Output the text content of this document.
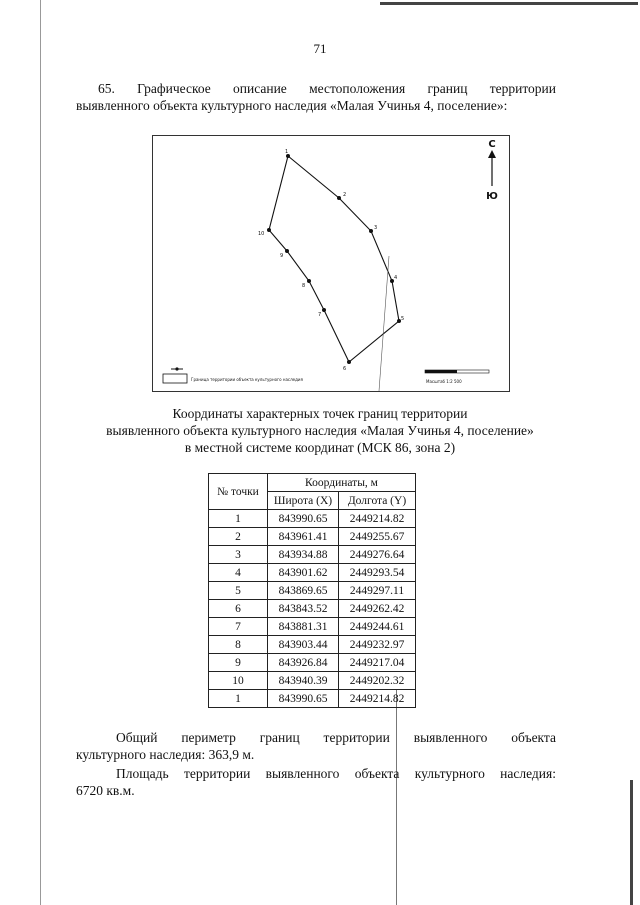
71
65. Графическое описание местоположения границ территории
выявленного объекта культурного наследия «Малая Учинья 4, поселение»:
1
2
3
4
5
6
7
8
9
10
С
Ю
Граница территории объекта культурного наследия	Масштаб 1:2 500
Координаты характерных точек границ территории
выявленного объекта культурного наследия «Малая Учинья 4, поселение»
в местной системе координат (МСК 86, зона 2)
№ точки	Координаты, м	
	Широта (X)	Долгота (Y)
1	843990.65	2449214.82
2	843961.41	2449255.67
3	843934.88	2449276.64
4	843901.62	2449293.54
5	843869.65	2449297.11
6	843843.52	2449262.42
7	843881.31	2449244.61
8	843903.44	2449232.97
9	843926.84	2449217.04
10	843940.39	2449202.32
1	843990.65	2449214.82
Общий периметр границ территории выявленного объекта
культурного наследия: 363,9 м.
Площадь территории выявленного объекта культурного наследия:
6720 кв.м.
